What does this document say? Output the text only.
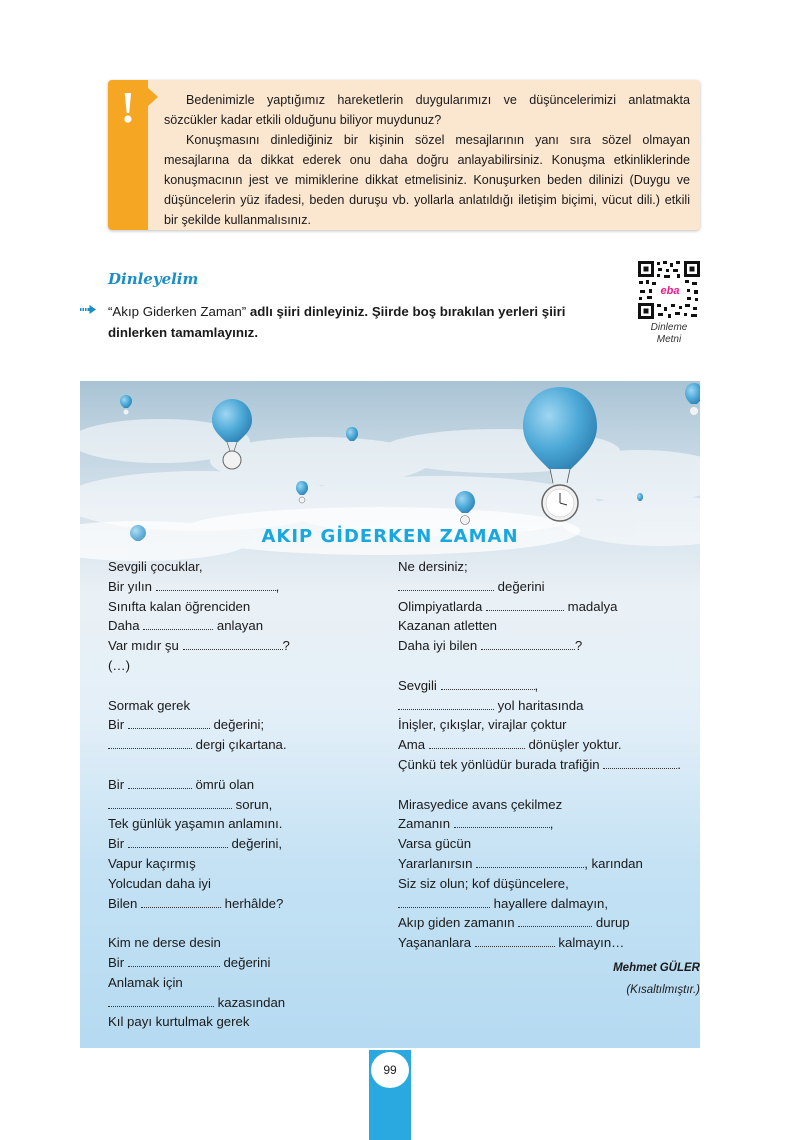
!	Bedenimizle yaptığımız hareketlerin duygularımızı ve düşüncelerimizi anlatmakta sözcükler kadar etkili olduğunu biliyor muydunuz?

Konuşmasını dinlediğiniz bir kişinin sözel mesajlarının yanı sıra sözel olmayan mesajlarına da dikkat ederek onu daha doğru anlayabilirsiniz. Konuşma etkinliklerinde konuşmacının jest ve mimiklerine dikkat etmelisiniz. Konuşurken beden dilinizi (Duygu ve düşüncelerin yüz ifadesi, beden duruşu vb. yollarla anlatıldığı iletişim biçimi, vücut dili.) etkili bir şekilde kullanmalısınız.

Dinleyelim
“Akıp Giderken Zaman” adlı şiiri dinleyiniz. Şiirde boş bırakılan yerleri şiiri dinlerken tamamlayınız.
eba
Dinleme
Metni
AKIP GİDERKEN ZAMAN
Sevgili çocuklar,
Bir yılın	,
Sınıfta kalan öğrenciden
Daha	anlayan
Var mıdır şu	?
(…)
Sormak gerek
Bir	değerini;
dergi çıkartana.
Bir	ömrü olan
sorun,
Tek günlük yaşamın anlamını.
Bir	değerini,
Vapur kaçırmış
Yolcudan daha iyi
Bilen	herhâlde?
Kim ne derse desin
Bir	değerini
Anlamak için
kazasından
Kıl payı kurtulmak gerek
Ne dersiniz;
değerini
Olimpiyatlarda	madalya
Kazanan atletten
Daha iyi bilen	?
Sevgili	,
yol haritasında
İnişler, çıkışlar, virajlar çoktur
Ama	dönüşler yoktur.
Çünkü tek yönlüdür burada trafiğin	.
Mirasyedice avans çekilmez
Zamanın	,
Varsa gücün
Yararlanırsın	, karından
Siz siz olun; kof düşüncelere,
hayallere dalmayın,
Akıp giden zamanın	durup
Yaşananlara	kalmayın…
Mehmet GÜLER
(Kısaltılmıştır.)
99
